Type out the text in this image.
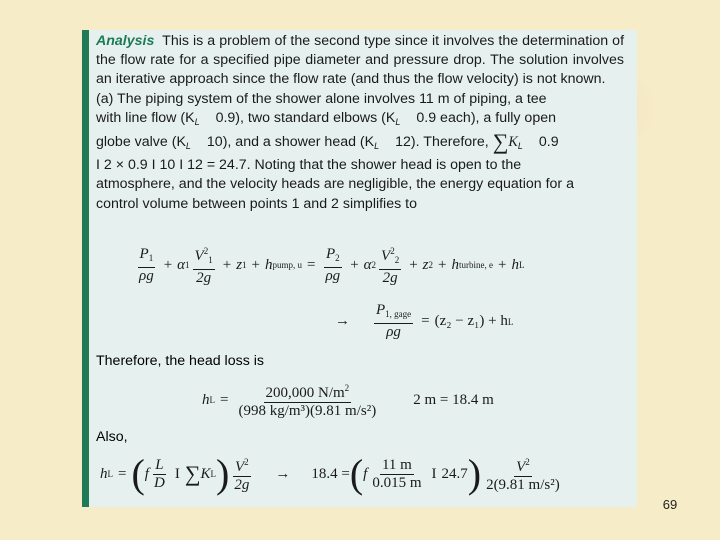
69

Analysis This is a problem of the second type since it involves the determination of the flow rate for a specified pipe diameter and pressure drop. The solution involves an iterative approach since the flow rate (and thus the flow velocity) is not known.

(a) The piping system of the shower alone involves 11 m of piping, a tee
with line flow ($K_L$ 0.9), two standard elbows ($K_L$ 0.9 each), a fully open
globe valve ($K_L$ 10), and a shower head ($K_L$ 12). Therefore, $\sum K_L$ 0.9
I 2 × 0.9 I 10 I 12 = 24.7. Noting that the shower head is open to the
atmosphere, and the velocity heads are negligible, the energy equation for a
control volume between points 1 and 2 simplifies to

$\frac{P_1}{\rho g} + \alpha$ $1 \frac{V^2_1}{2g} + z$ 1 + h pump, $u = \frac{P_2}{\rho g} + \alpha$ $2 \frac{V^2_2}{2g} + z$ 2 + h turbine, e + h L
→ $\frac{P_{1, gage}}{\rho g} = (z_2 - z_1) + h$ L
Therefore, the head loss is
h $L = \frac{200,000 N/m^2}{\text{(998 kg/m³)(9.81 m/s²)}} 2$ m = 18.4 m
Also,
h L = ( f $\frac{L}{D}$ I ∑ K L ) $\frac{V^2}{2g} \to 18.4$ = ( f $\frac{11 m}{0.015 m}$ I 24.7 ) $\frac{V^2}{\text{2(9.81 m/s²)}}$
